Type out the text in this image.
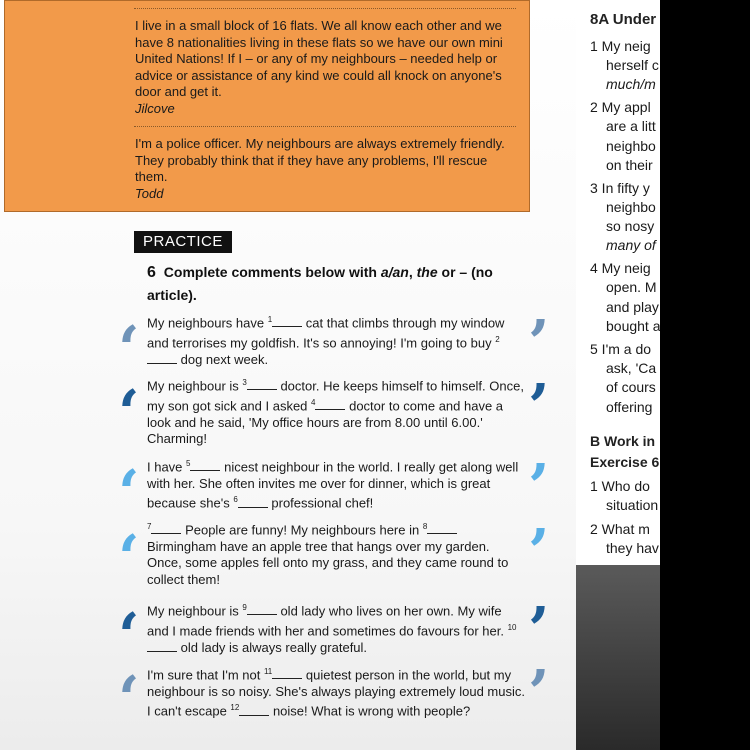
I live in a small block of 16 flats. We all know each other and we have 8 nationalities living in these flats so we have our own mini United Nations! If I – or any of my neighbours – needed help or advice or assistance of any kind we could all knock on anyone's door and get it.
Jilcove
I'm a police officer. My neighbours are always extremely friendly. They probably think that if they have any problems, I'll rescue them.
Todd
PRACTICE
6 Complete comments below with a/an, the or – (no article).
‘	’
My neighbours have $^1$ cat that climbs through my window and terrorises my goldfish. It's so annoying! I'm going to buy $^2$ dog next week.
‘	’
My neighbour is $^3$ doctor. He keeps himself to himself. Once, my son got sick and I asked $^4$ doctor to come and have a look and he said, 'My office hours are from 8.00 until 6.00.' Charming!
‘	’
I have $^5$ nicest neighbour in the world. I really get along well with her. She often invites me over for dinner, which is great because she's $^6$ professional chef!
‘	’
$^7$ People are funny! My neighbours here in $^8$ Birmingham have an apple tree that hangs over my garden. Once, some apples fell onto my grass, and they came round to collect them!
‘	’
My neighbour is $^9$ old lady who lives on her own. My wife and I made friends with her and sometimes do favours for her. $^{10}$ old lady is always really grateful.
‘	’
I'm sure that I'm not $^{11}$ quietest person in the world, but my neighbour is so noisy. She's always playing extremely loud music. I can't escape $^{12}$ noise! What is wrong with people?
8A Under
1 My neig
herself c
much/m
2 My appl
are a litt
neighbo
on their
3 In fifty y
neighbo
so nosy
many of
4 My neig
open. M
and play
bought a
5 I'm a do
ask, 'Ca
of cours
offering
B Work in
Exercise 6
1 Who do
situation
2 What m
they hav
